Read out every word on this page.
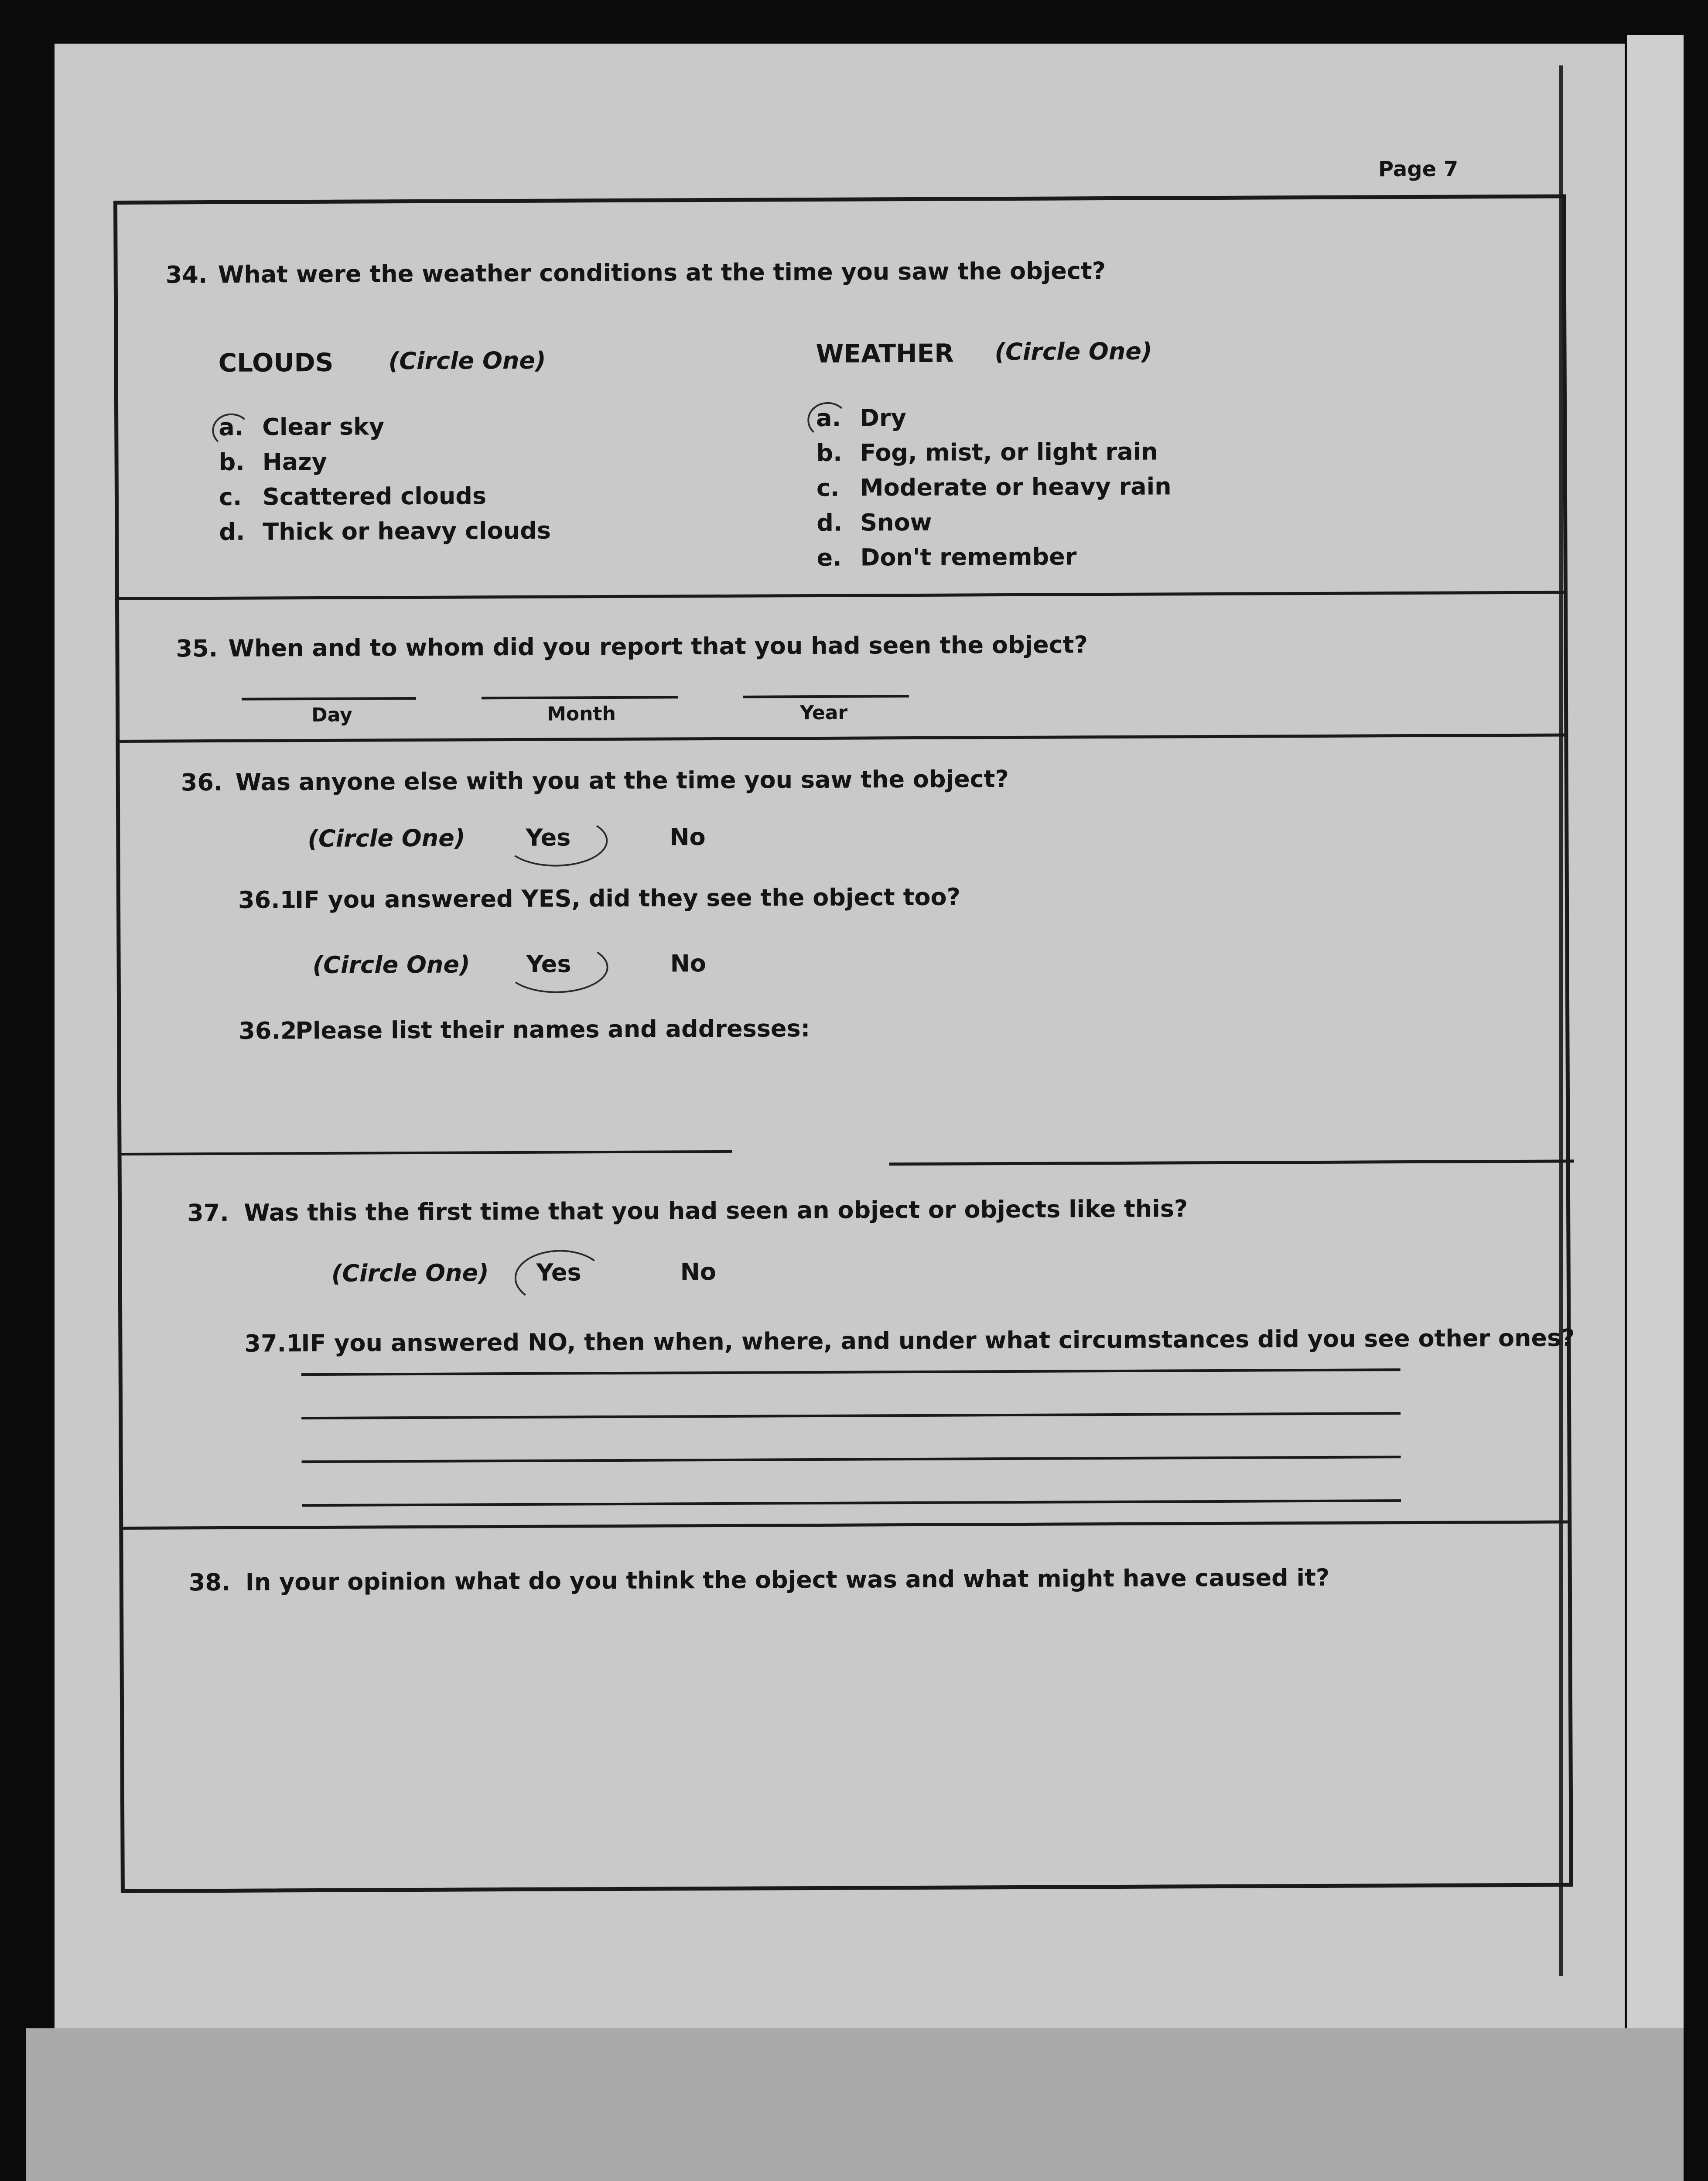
Page 7
34. What were the weather conditions at the time you saw the object?
CLOUDS (Circle One)
a. Clear sky
b. Hazy
c. Scattered clouds
d. Thick or heavy clouds
WEATHER (Circle One)
a. Dry
b. Fog, mist, or light rain
c. Moderate or heavy rain
d. Snow
e. Don't remember
35. When and to whom did you report that you had seen the object?
Day	Month	Year
36. Was anyone else with you at the time you saw the object?
(Circle One)	Yes	No
36.1
IF you answered YES, did they see the object too?
(Circle One) Yes	No
36.2
Please list their names and addresses:
37. Was this the first time that you had seen an object or objects like this?
(Circle One) Yes	No
37.1
IF you answered NO, then when, where, and under what circumstances did you see other ones?
38. In your opinion what do you think the object was and what might have caused it?
